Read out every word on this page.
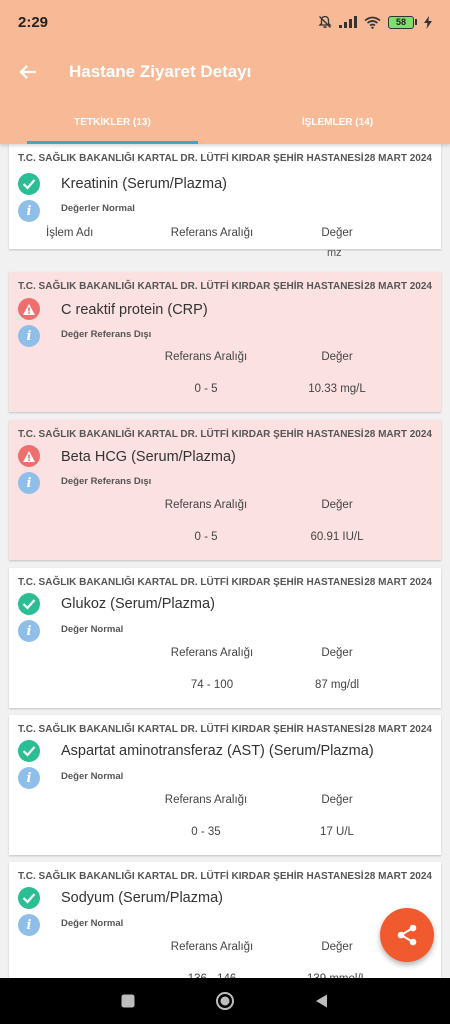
2:29	58
Hastane Ziyaret Detayı
TETKİKLER (13)	İŞLEMLER (14)
T.C. SAĞLIK BAKANLIĞI KARTAL DR. LÜTFİ KIRDAR ŞEHİR HASTANESİ 28 MART 2024
Kreatinin (Serum/Plazma)
i	Değerler Normal
İşlem Adı	Referans Aralığı	Değer
mz
T.C. SAĞLIK BAKANLIĞI KARTAL DR. LÜTFİ KIRDAR ŞEHİR HASTANESİ 28 MART 2024
C reaktif protein (CRP)
i	Değer Referans Dışı
Referans Aralığı	Değer
0 - 5	10.33 mg/L
T.C. SAĞLIK BAKANLIĞI KARTAL DR. LÜTFİ KIRDAR ŞEHİR HASTANESİ 28 MART 2024
Beta HCG (Serum/Plazma)
i	Değer Referans Dışı
Referans Aralığı	Değer
0 - 5	60.91 IU/L
T.C. SAĞLIK BAKANLIĞI KARTAL DR. LÜTFİ KIRDAR ŞEHİR HASTANESİ 28 MART 2024
Glukoz (Serum/Plazma)
i	Değer Normal
Referans Aralığı	Değer
74 - 100	87 mg/dl
T.C. SAĞLIK BAKANLIĞI KARTAL DR. LÜTFİ KIRDAR ŞEHİR HASTANESİ 28 MART 2024
Aspartat aminotransferaz (AST) (Serum/Plazma)
i	Değer Normal
Referans Aralığı	Değer
0 - 35	17 U/L
T.C. SAĞLIK BAKANLIĞI KARTAL DR. LÜTFİ KIRDAR ŞEHİR HASTANESİ 28 MART 2024
Sodyum (Serum/Plazma)
i	Değer Normal
Referans Aralığı	Değer
